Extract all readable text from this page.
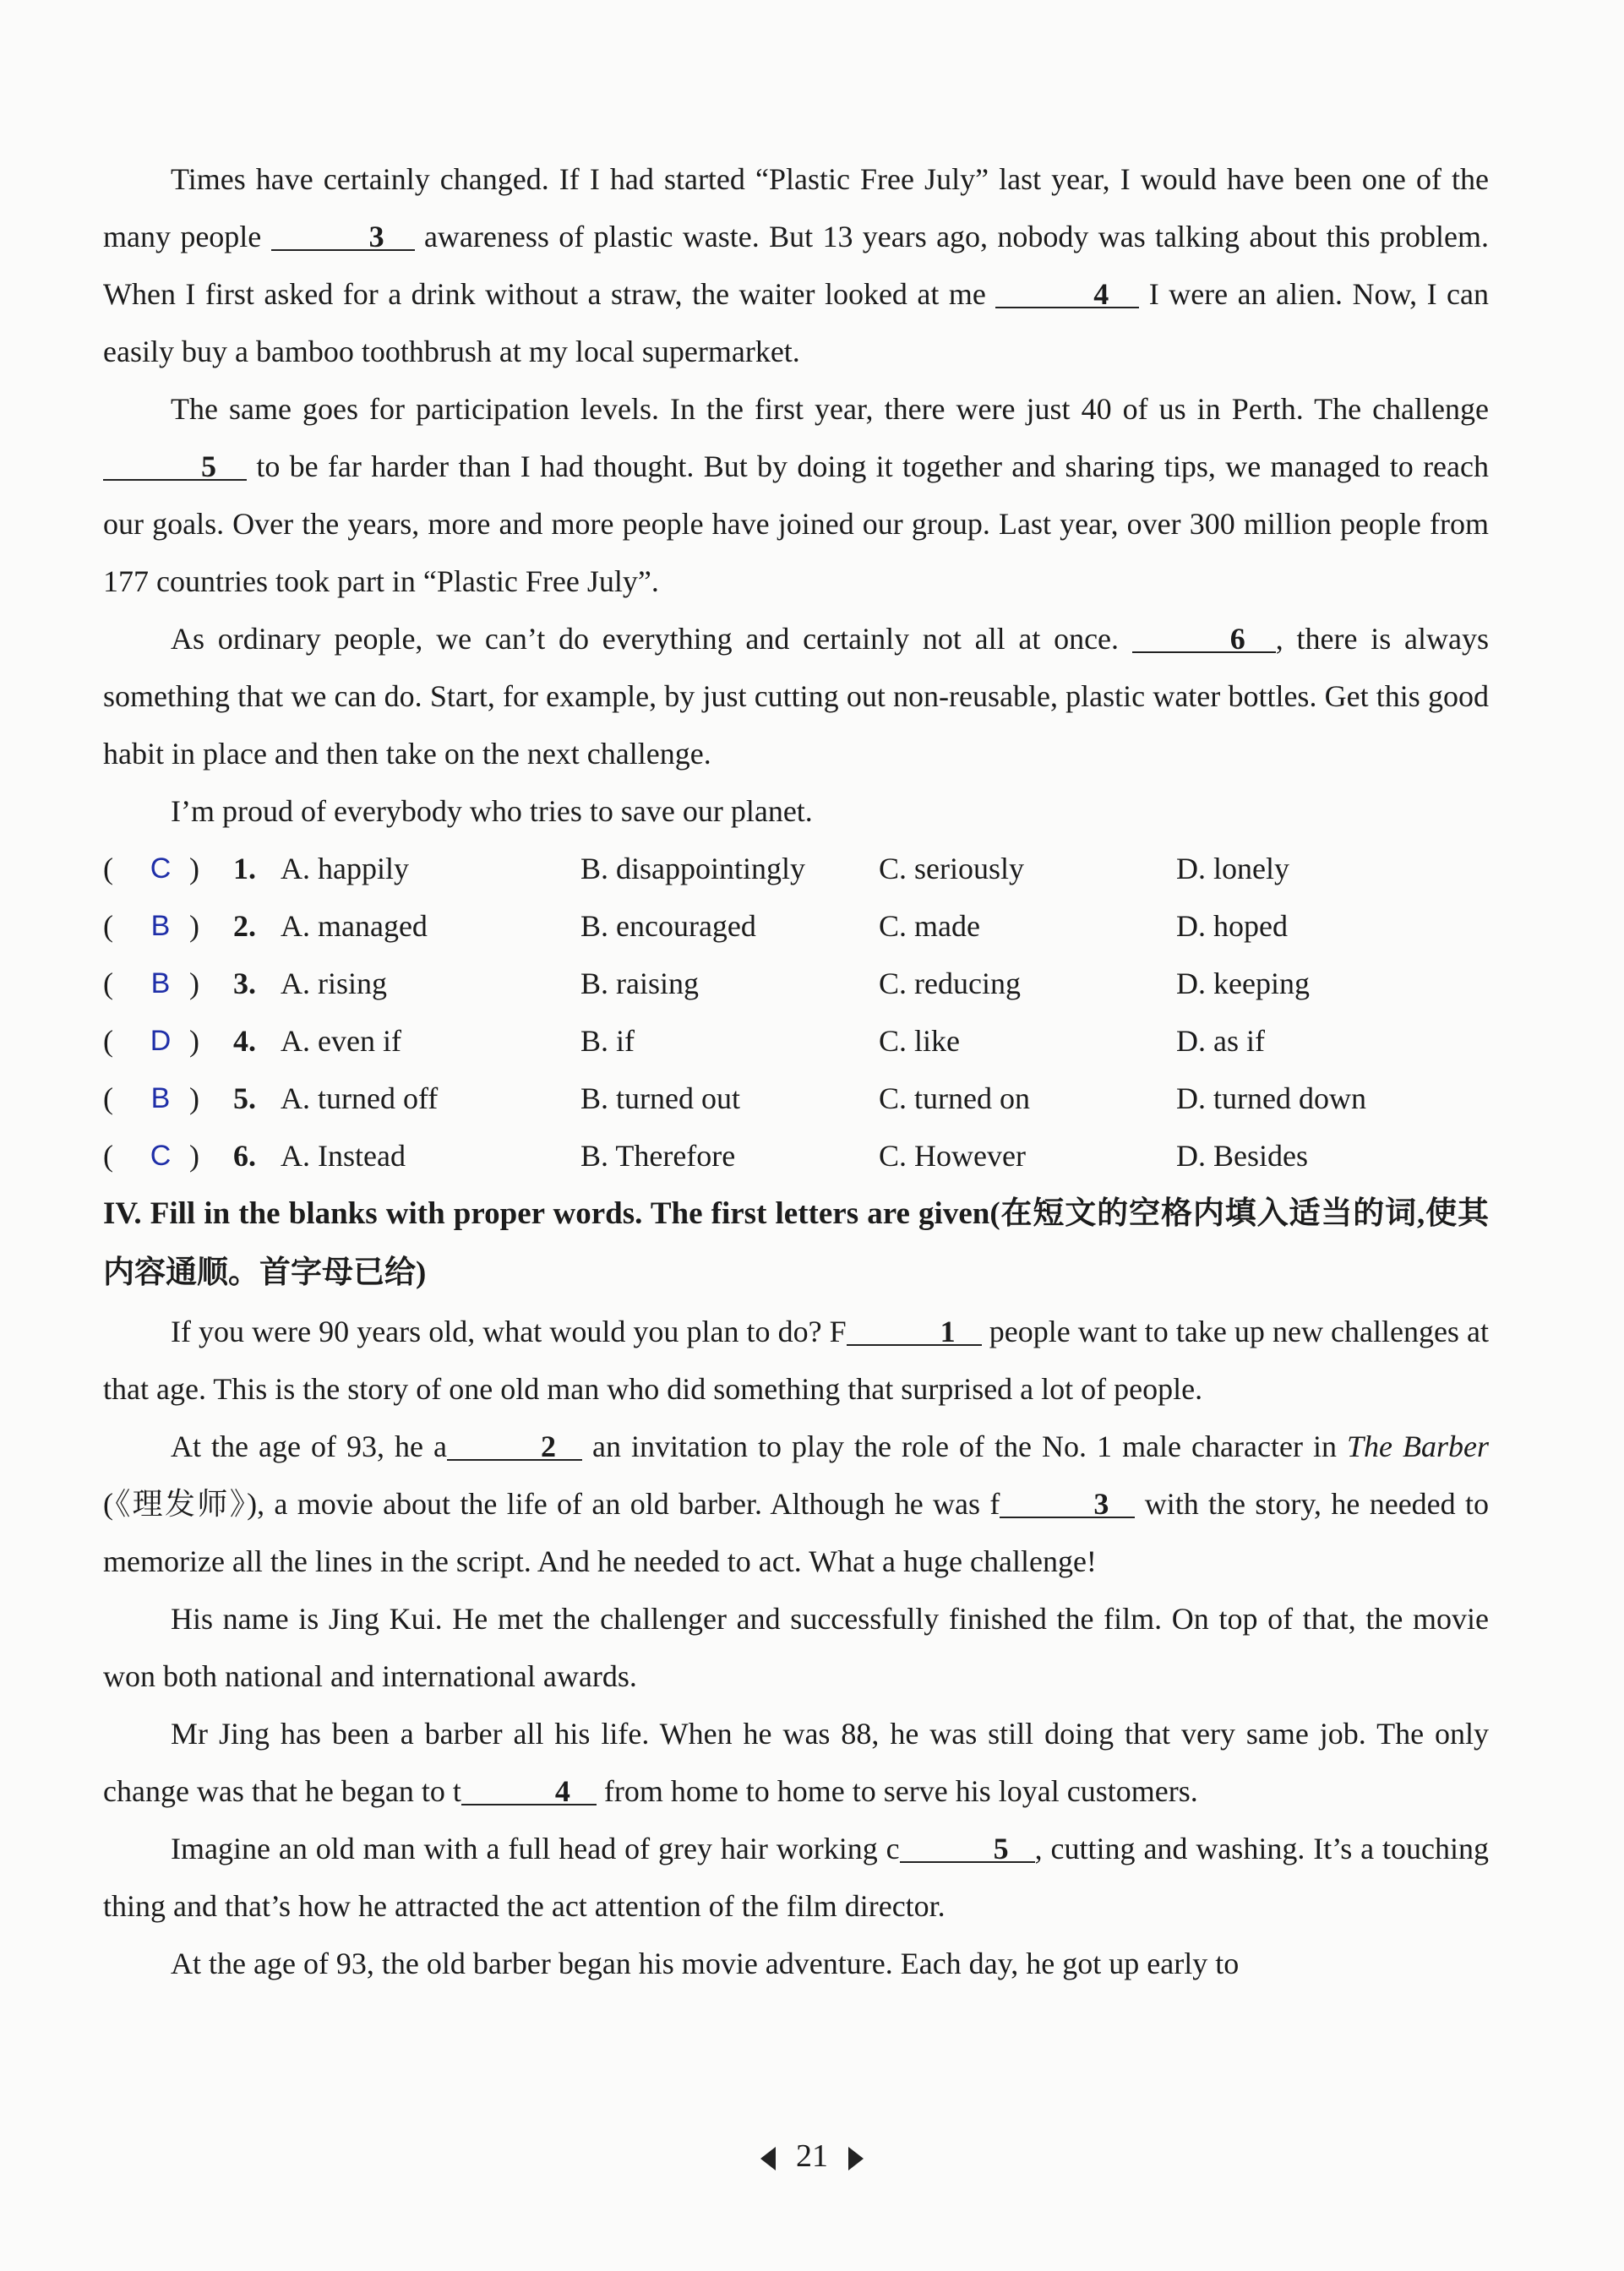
Times have certainly changed. If I had started “Plastic Free July” last year, I would have been one of the many people	3 awareness of plastic waste. But 13 years ago, nobody was talking about this problem. When I first asked for a drink without a straw, the waiter looked at me	4 I were an alien. Now, I can easily buy a bamboo toothbrush at my local supermarket.

The same goes for participation levels. In the first year, there were just 40 of us in Perth. The challenge 5 to be far harder than I had thought. But by doing it together and sharing tips, we managed to reach our goals. Over the years, more and more people have joined our group. Last year, over 300 million people from 177 countries took part in “Plastic Free July”.

As ordinary people, we can’t do everything and certainly not all at once.	6 , there is always something that we can do. Start, for example, by just cutting out non-reusable, plastic water bottles. Get this good habit in place and then take on the next challenge.

I’m proud of everybody who tries to save our planet.

( C ) 1. A. happily	B. disappointingly C. seriously	D. lonely
( B ) 2. A. managed	B. encouraged	C. made	D. hoped
( B ) 3. A. rising	B. raising	C. reducing	D. keeping
( D ) 4. A. even if	B. if	C. like	D. as if
( B ) 5. A. turned off	B. turned out	C. turned on	D. turned down
( C ) 6. A. Instead	B. Therefore	C. However	D. Besides
IV. Fill in the blanks with proper words. The first letters are given(在短文的空格内填入适当的词,使其内容通顺。首字母已给)

If you were 90 years old, what would you plan to do? F	1 people want to take up new challenges at that age. This is the story of one old man who did something that surprised a lot of people.

At the age of 93, he a	2 an invitation to play the role of the No. 1 male character in The Barber (《理发师》), a movie about the life of an old barber. Although he was f	3 with the story, he needed to memorize all the lines in the script. And he needed to act. What a huge challenge!

His name is Jing Kui. He met the challenger and successfully finished the film. On top of that, the movie won both national and international awards.

Mr Jing has been a barber all his life. When he was 88, he was still doing that very same job. The only change was that he began to t	4 from home to home to serve his loyal customers.

Imagine an old man with a full head of grey hair working c	5 , cutting and washing. It’s a touching thing and that’s how he attracted the act attention of the film director.

At the age of 93, the old barber began his movie adventure. Each day, he got up early to

21
